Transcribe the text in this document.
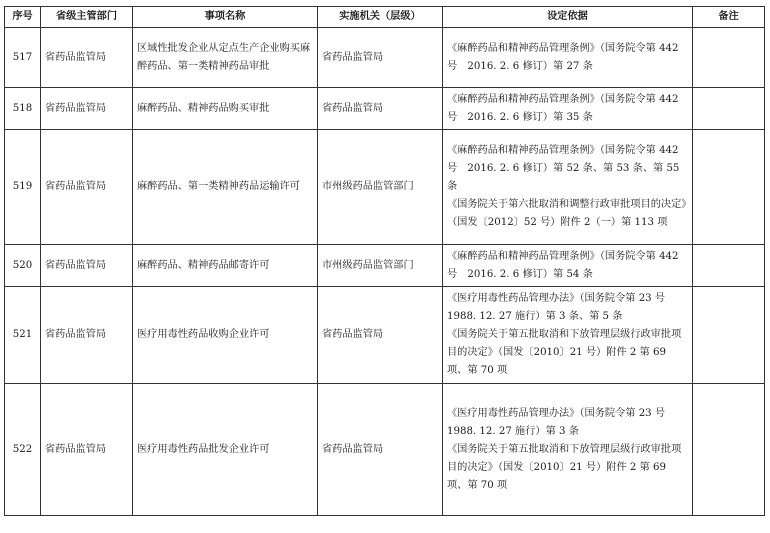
序号	省级主管部门	事项名称	实施机关（层级）	设定依据	备注
517	省药品监管局	区域性批发企业从定点生产企业购买麻醉药品、第一类精神药品审批	省药品监管局	《麻醉药品和精神药品管理条例》（国务院令第 442 号　2016. 2. 6 修订）第 27 条	

518	省药品监管局	麻醉药品、精神药品购买审批	省药品监管局	《麻醉药品和精神药品管理条例》（国务院令第 442 号　2016. 2. 6 修订）第 35 条	

519	省药品监管局	麻醉药品、第一类精神药品运输许可	市州级药品监管部门	《麻醉药品和精神药品管理条例》（国务院令第 442 号　2016. 2. 6 修订）第 52 条、第 53 条、第 55 条
《国务院关于第六批取消和调整行政审批项目的决定》（国发〔2012〕52 号）附件 2（一）第 113 项	

520	省药品监管局	麻醉药品、精神药品邮寄许可	市州级药品监管部门	《麻醉药品和精神药品管理条例》（国务院令第 442 号　2016. 2. 6 修订）第 54 条	

521	省药品监管局	医疗用毒性药品收购企业许可	省药品监管局	《医疗用毒性药品管理办法》（国务院令第 23 号　1988. 12. 27 施行）第 3 条、第 5 条
《国务院关于第五批取消和下放管理层级行政审批项目的决定》（国发〔2010〕21 号）附件 2 第 69 项、第 70 项	

522	省药品监管局	医疗用毒性药品批发企业许可	省药品监管局	《医疗用毒性药品管理办法》（国务院令第 23 号　1988. 12. 27 施行）第 3 条
《国务院关于第五批取消和下放管理层级行政审批项目的决定》（国发〔2010〕21 号）附件 2 第 69 项、第 70 项	
